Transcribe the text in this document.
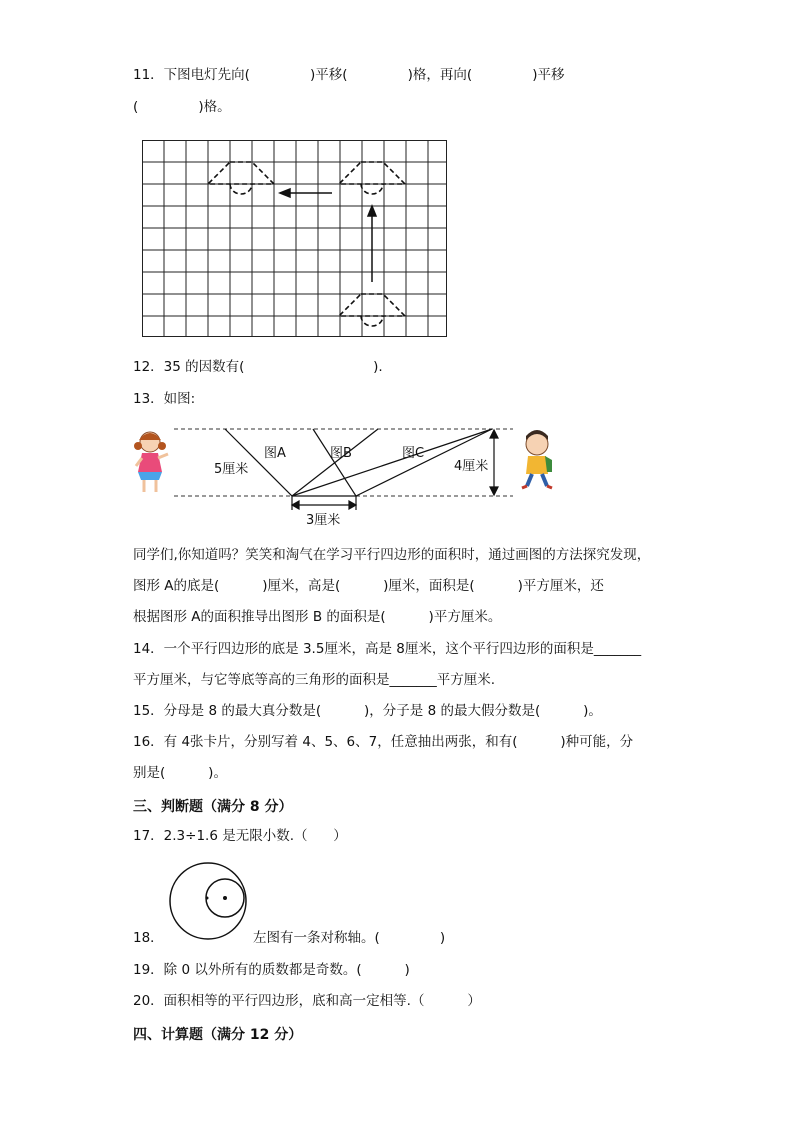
11．下图电灯先向(              )平移(              )格，再向(              )平移
(              )格。
12．35 的因数有(                              ).
13．如图:
图A	图B	图C
5厘米	4厘米
3厘米
同学们,你知道吗？笑笑和淘气在学习平行四边形的面积时，通过画图的方法探究发现，
图形 A的底是(          )厘米，高是(          )厘米，面积是(          )平方厘米，还
根据图形 A的面积推导出图形 B 的面积是(          )平方厘米。
14．一个平行四边形的底是 3.5厘米，高是 8厘米，这个平行四边形的面积是_______
平方厘米，与它等底等高的三角形的面积是_______平方厘米.
15．分母是 8 的最大真分数是(          )，分子是 8 的最大假分数是(          )。
16．有 4张卡片，分别写着 4、5、6、7，任意抽出两张，和有(          )种可能，分
别是(          )。
三、判断题（满分 8 分）
17．2.3÷1.6 是无限小数.（      ）
18．	左图有一条对称轴。(              )
19．除 0 以外所有的质数都是奇数。(          )
20．面积相等的平行四边形，底和高一定相等.（          ）
四、计算题（满分 12 分）
